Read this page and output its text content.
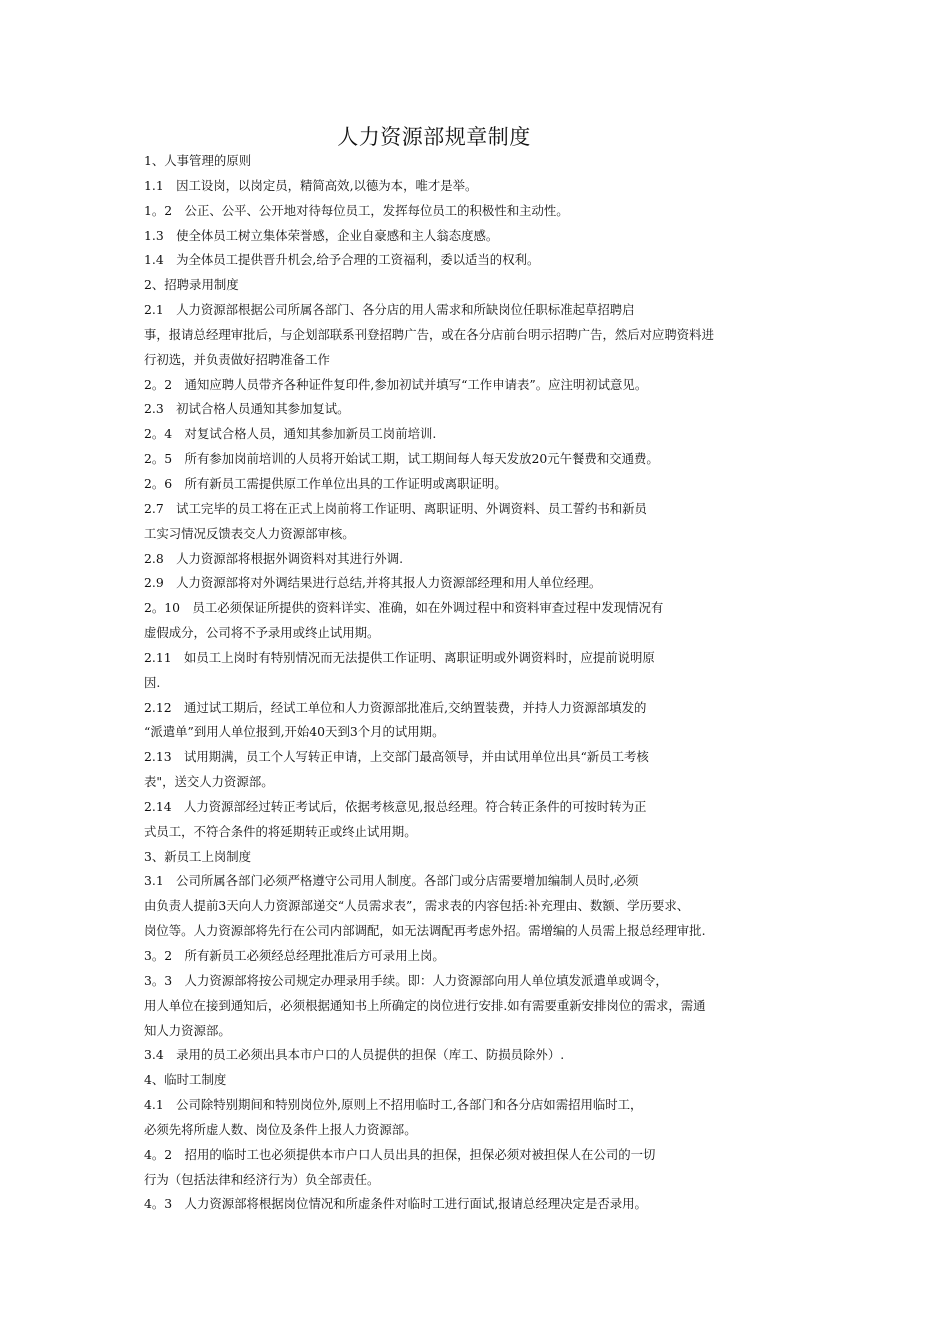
人力资源部规章制度
1、人事管理的原则
1.1　因工设岗，以岗定员，精简高效,以德为本，唯才是举。
1。2　公正、公平、公开地对待每位员工，发挥每位员工的积极性和主动性。
1.3　使全体员工树立集体荣誉感，企业自豪感和主人翁态度感。
1.4　为全体员工提供晋升机会,给予合理的工资福利，委以适当的权利。
2、招聘录用制度
2.1　人力资源部根据公司所属各部门、各分店的用人需求和所缺岗位任职标准起草招聘启
事，报请总经理审批后，与企划部联系刊登招聘广告，或在各分店前台明示招聘广告，然后对应聘资料进
行初选，并负责做好招聘准备工作
2。2　通知应聘人员带齐各种证件复印件,参加初试并填写“工作申请表”。应注明初试意见。
2.3　初试合格人员通知其参加复试。
2。4　对复试合格人员，通知其参加新员工岗前培训.
2。5　所有参加岗前培训的人员将开始试工期，试工期间每人每天发放20元午餐费和交通费。
2。6　所有新员工需提供原工作单位出具的工作证明或离职证明。
2.7　试工完毕的员工将在正式上岗前将工作证明、离职证明、外调资料、员工誓约书和新员
工实习情况反馈表交人力资源部审核。
2.8　人力资源部将根据外调资料对其进行外调.
2.9　人力资源部将对外调结果进行总结,并将其报人力资源部经理和用人单位经理。
2。10　员工必须保证所提供的资料详实、准确，如在外调过程中和资料审查过程中发现情况有
虚假成分，公司将不予录用或终止试用期。
2.11　如员工上岗时有特别情况而无法提供工作证明、离职证明或外调资料时，应提前说明原
因.
2.12　通过试工期后，经试工单位和人力资源部批准后,交纳置装费，并持人力资源部填发的
“派遣单”到用人单位报到,开始40天到3个月的试用期。
2.13　试用期满，员工个人写转正申请，上交部门最高领导，并由试用单位出具“新员工考核
表"，送交人力资源部。
2.14　人力资源部经过转正考试后，依据考核意见,报总经理。符合转正条件的可按时转为正
式员工，不符合条件的将延期转正或终止试用期。
3、新员工上岗制度
3.1　公司所属各部门必须严格遵守公司用人制度。各部门或分店需要增加编制人员时,必须
由负责人提前3天向人力资源部递交“人员需求表”，需求表的内容包括:补充理由、数额、学历要求、
岗位等。人力资源部将先行在公司内部调配，如无法调配再考虑外招。需增编的人员需上报总经理审批.
3。2　所有新员工必须经总经理批准后方可录用上岗。
3。3　人力资源部将按公司规定办理录用手续。即：人力资源部向用人单位填发派遣单或调令，
用人单位在接到通知后，必须根据通知书上所确定的岗位进行安排.如有需要重新安排岗位的需求，需通
知人力资源部。
3.4　录用的员工必须出具本市户口的人员提供的担保（库工、防损员除外）.
4、临时工制度
4.1　公司除特别期间和特别岗位外,原则上不招用临时工,各部门和各分店如需招用临时工，
必须先将所虚人数、岗位及条件上报人力资源部。
4。2　招用的临时工也必须提供本市户口人员出具的担保，担保必须对被担保人在公司的一切
行为（包括法律和经济行为）负全部责任。
4。3　人力资源部将根据岗位情况和所虚条件对临时工进行面试,报请总经理决定是否录用。
